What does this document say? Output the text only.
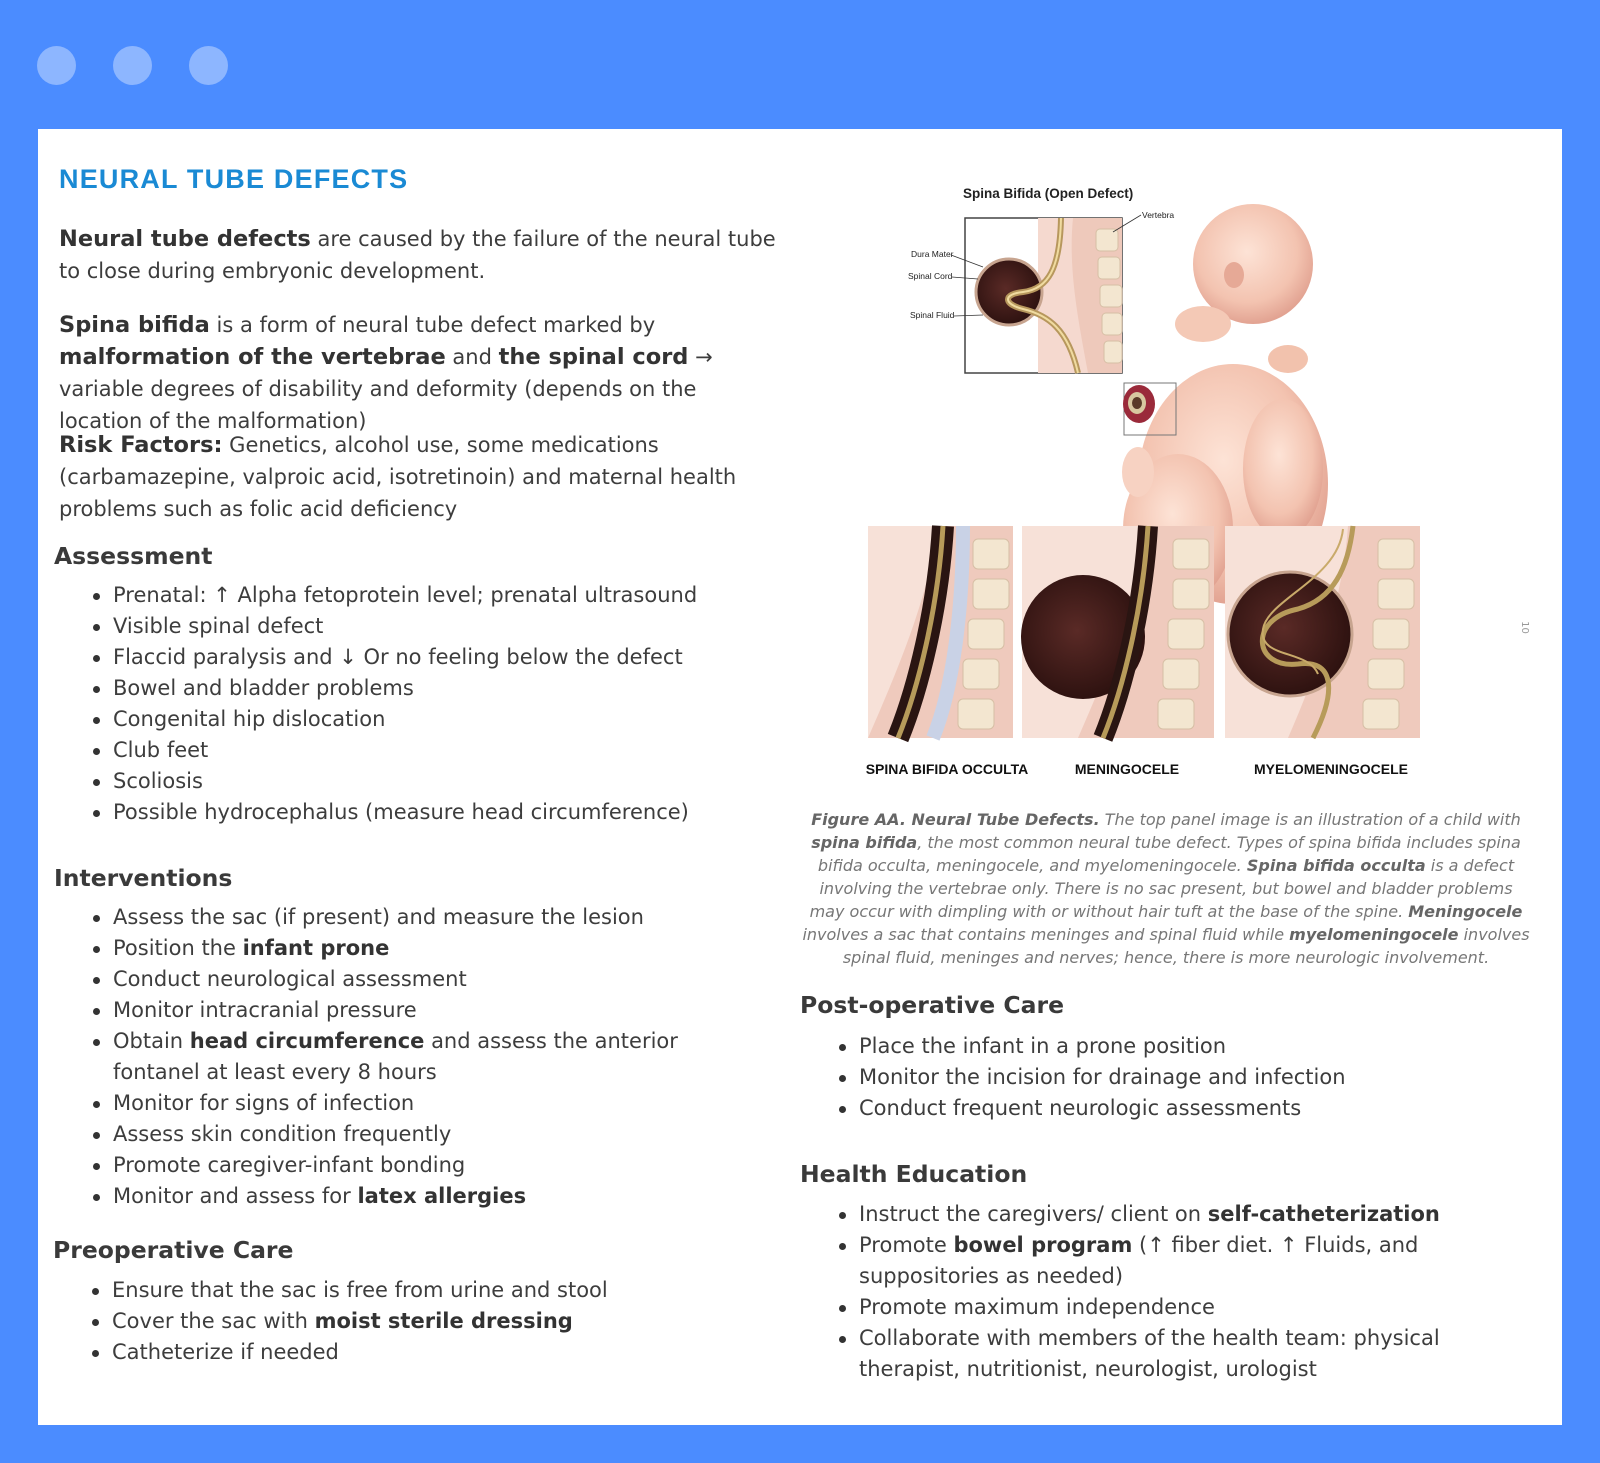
NEURAL TUBE DEFECTS
Neural tube defects are caused by the failure of the neural tube to close during embryonic development.
Spina bifida is a form of neural tube defect marked by malformation of the vertebrae and the spinal cord → variable degrees of disability and deformity (depends on the location of the malformation)
Risk Factors: Genetics, alcohol use, some medications (carbamazepine, valproic acid, isotretinoin) and maternal health problems such as folic acid deficiency
Assessment
Prenatal: ↑ Alpha fetoprotein level; prenatal ultrasound
Visible spinal defect
Flaccid paralysis and ↓ Or no feeling below the defect
Bowel and bladder problems
Congenital hip dislocation
Club feet
Scoliosis
Possible hydrocephalus (measure head circumference)
Interventions
Assess the sac (if present) and measure the lesion
Position the infant prone
Conduct neurological assessment
Monitor intracranial pressure
Obtain head circumference and assess the anterior fontanel at least every 8 hours
Monitor for signs of infection
Assess skin condition frequently
Promote caregiver-infant bonding
Monitor and assess for latex allergies
Preoperative Care
Ensure that the sac is free from urine and stool
Cover the sac with moist sterile dressing
Catheterize if needed
Spina Bifida (Open Defect)
Vertebra
Dura Mater
Spinal Cord
Spinal Fluid
SPINA BIFIDA OCCULTA	MENINGOCELE	MYELOMENINGOCELE
10
Figure AA. Neural Tube Defects. The top panel image is an illustration of a child with spina bifida, the most common neural tube defect. Types of spina bifida includes spina bifida occulta, meningocele, and myelomeningocele. Spina bifida occulta is a defect involving the vertebrae only. There is no sac present, but bowel and bladder problems may occur with dimpling with or without hair tuft at the base of the spine. Meningocele involves a sac that contains meninges and spinal fluid while myelomeningocele involves spinal fluid, meninges and nerves; hence, there is more neurologic involvement.
Post-operative Care
Place the infant in a prone position
Monitor the incision for drainage and infection
Conduct frequent neurologic assessments
Health Education
Instruct the caregivers/ client on self-catheterization
Promote bowel program (↑ fiber diet. ↑ Fluids, and suppositories as needed)
Promote maximum independence
Collaborate with members of the health team: physical therapist, nutritionist, neurologist, urologist
